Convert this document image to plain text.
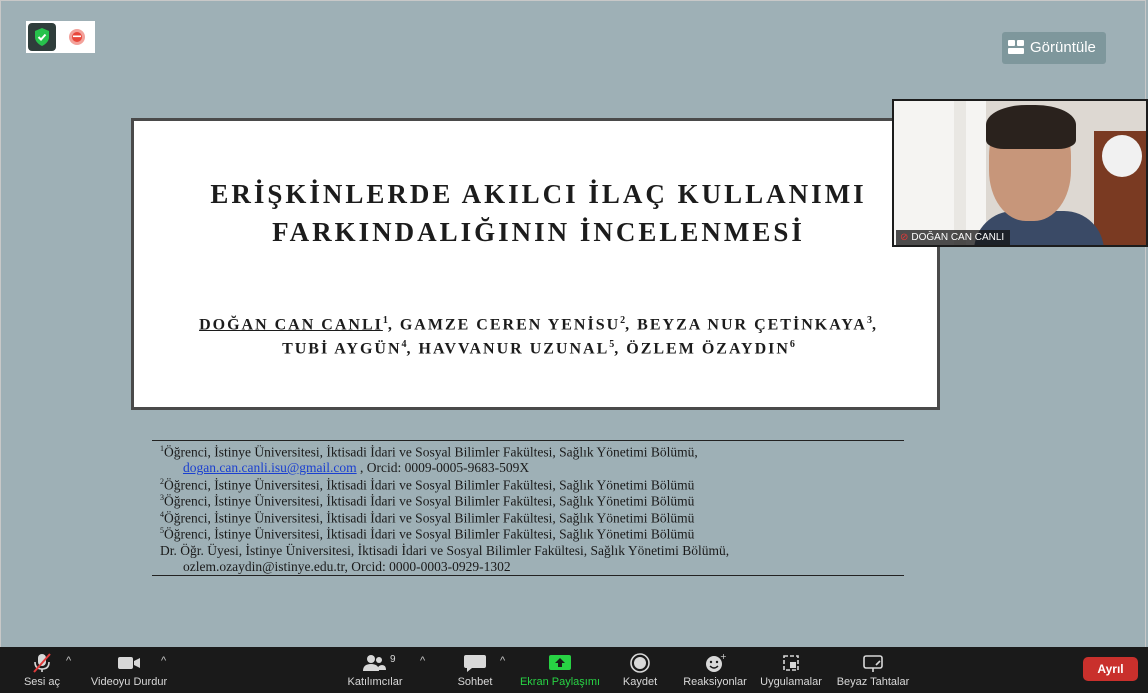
Görüntüle
ERİŞKİNLERDE AKILCI İLAÇ KULLANIMI
FARKINDALIĞININ İNCELENMESİ
DOĞAN CAN CANLI$^1$, GAMZE CEREN YENİSU$^2$, BEYZA NUR ÇETİNKAYA$^3$,
TUBİ AYGÜN$^4$, HAVVANUR UZUNAL$^5$, ÖZLEM ÖZAYDIN$^6$
$^1$Öğrenci, İstinye Üniversitesi, İktisadi İdari ve Sosyal Bilimler Fakültesi, Sağlık Yönetimi Bölümü,
dogan.can.canli.isu@gmail.com , Orcid: 0009-0005-9683-509X
$^2$Öğrenci, İstinye Üniversitesi, İktisadi İdari ve Sosyal Bilimler Fakültesi, Sağlık Yönetimi Bölümü
$^3$Öğrenci, İstinye Üniversitesi, İktisadi İdari ve Sosyal Bilimler Fakültesi, Sağlık Yönetimi Bölümü
$^4$Öğrenci, İstinye Üniversitesi, İktisadi İdari ve Sosyal Bilimler Fakültesi, Sağlık Yönetimi Bölümü
$^5$Öğrenci, İstinye Üniversitesi, İktisadi İdari ve Sosyal Bilimler Fakültesi, Sağlık Yönetimi Bölümü
Dr. Öğr. Üyesi, İstinye Üniversitesi, İktisadi İdari ve Sosyal Bilimler Fakültesi, Sağlık Yönetimi Bölümü,
ozlem.ozaydin@istinye.edu.tr, Orcid: 0000-0003-0929-1302
⊘ DOĞAN CAN CANLI
Sesi aç
^
Videoyu Durdur
^	9
Katılımcılar
^
Sohbet
^
Ekran Paylaşımı	Kaydet
+
Reaksiyonlar	Uygulamalar	Beyaz Tahtalar
Ayrıl
